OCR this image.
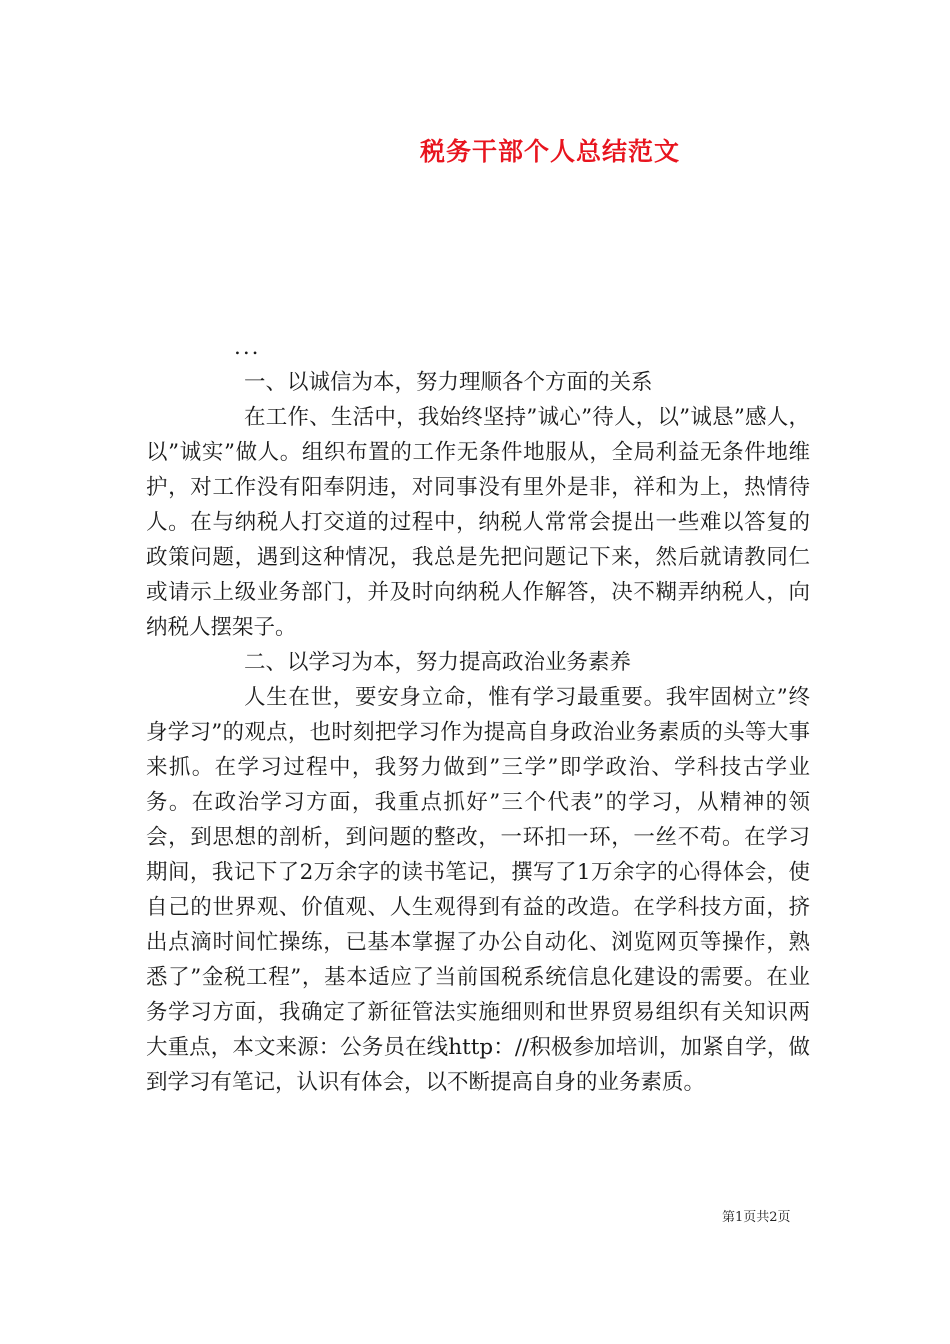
税务干部个人总结范文

...

一、以诚信为本，努力理顺各个方面的关系

在工作、生活中，我始终坚持”诚心”待人，以”诚恳”感人，以”诚实”做人。组织布置的工作无条件地服从，全局利益无条件地维护，对工作没有阳奉阴违，对同事没有里外是非，祥和为上，热情待人。在与纳税人打交道的过程中，纳税人常常会提出一些难以答复的政策问题，遇到这种情况，我总是先把问题记下来，然后就请教同仁或请示上级业务部门，并及时向纳税人作解答，决不糊弄纳税人，向纳税人摆架子。

二、以学习为本，努力提高政治业务素养

人生在世，要安身立命，惟有学习最重要。我牢固树立”终身学习”的观点，也时刻把学习作为提高自身政治业务素质的头等大事来抓。在学习过程中，我努力做到”三学”即学政治、学科技古学业务。在政治学习方面，我重点抓好”三个代表”的学习，从精神的领会，到思想的剖析，到问题的整改，一环扣一环，一丝不苟。在学习期间，我记下了2万余字的读书笔记，撰写了1万余字的心得体会，使自己的世界观、价值观、人生观得到有益的改造。在学科技方面，挤出点滴时间忙操练，已基本掌握了办公自动化、浏览网页等操作，熟悉了”金税工程”，基本适应了当前国税系统信息化建设的需要。在业务学习方面，我确定了新征管法实施细则和世界贸易组织有关知识两大重点，本文来源：公务员在线http：//积极参加培训，加紧自学，做到学习有笔记，认识有体会，以不断提高自身的业务素质。

第1页共2页
